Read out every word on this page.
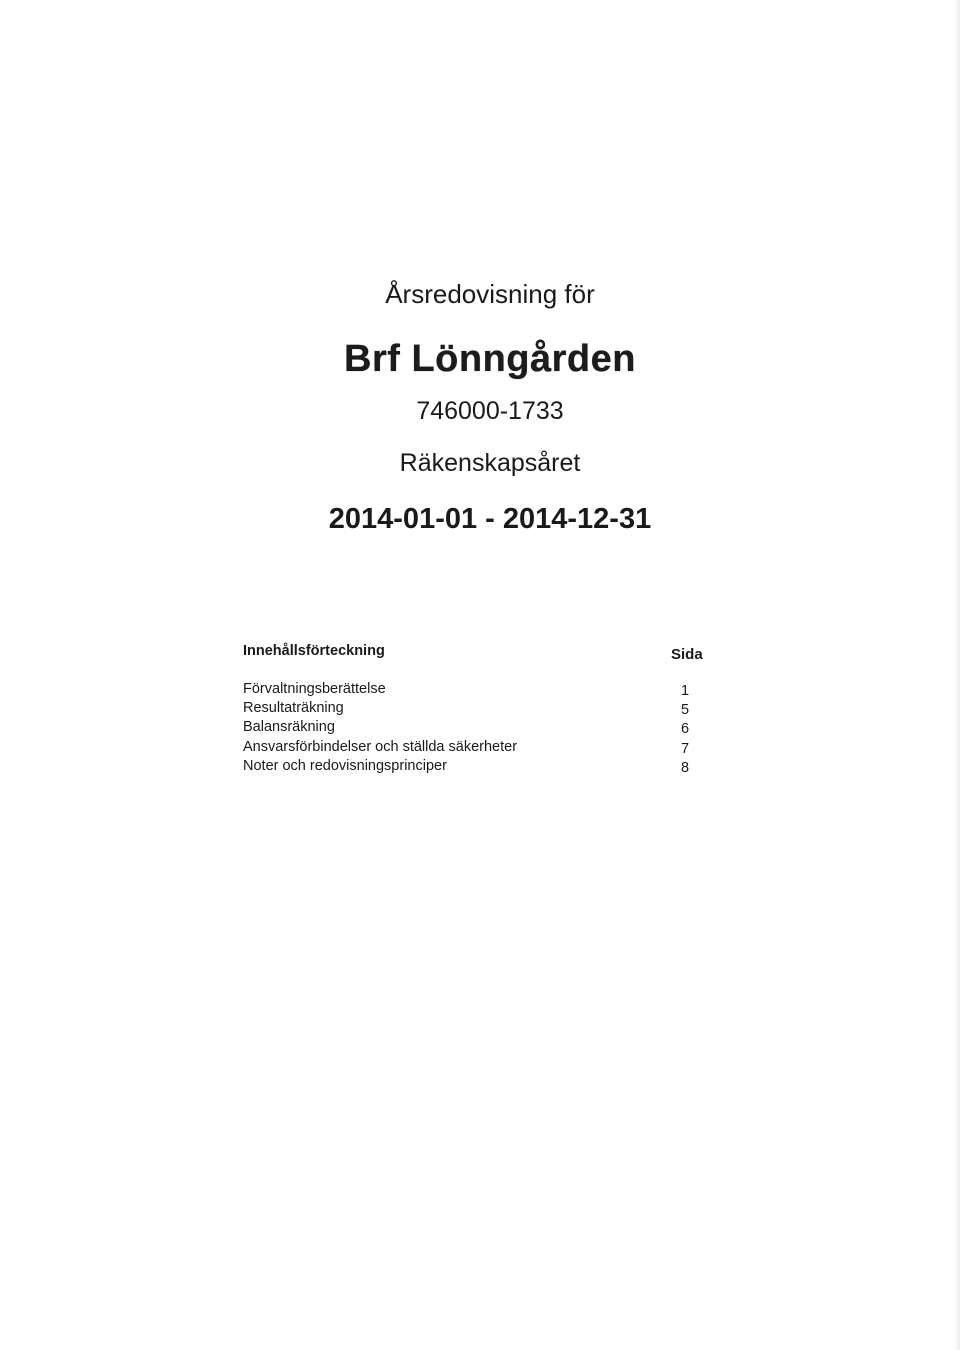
Årsredovisning för
Brf Lönngården
746000-1733
Räkenskapsåret
2014-01-01 - 2014-12-31
Innehållsförteckning	Sida
Förvaltningsberättelse	1
Resultaträkning	5
Balansräkning	6
Ansvarsförbindelser och ställda säkerheter	7
Noter och redovisningsprinciper	8
